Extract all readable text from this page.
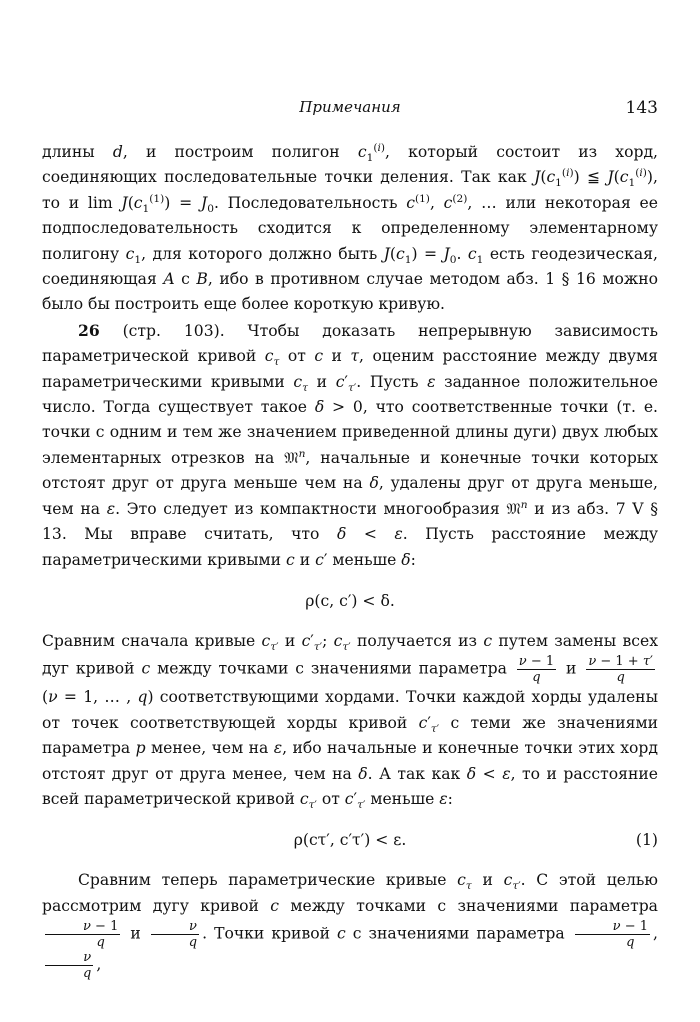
Примечания	143

длины d, и построим полигон $c_1^{(i)}$, который состоит из хорд, соединяющих последовательные точки деления. Так как $J(c_1^{(i)})$ ≦ $J(c_1^{(i)})$, то и $\lim J(c_1^{(1)}) = J_0$. Последовательность $c^{(1)}$, $c^{(2)}$, … или некоторая ее подпоследовательность сходится к определенному элементарному полигону $c_1$, для которого должно быть $J(c_1) = J_0$. $c_1$ есть геодезическая, соединяющая A с B, ибо в противном случае методом абз. 1 § 16 можно было бы построить еще более короткую кривую.

26 (стр. 103). Чтобы доказать непрерывную зависимость параметрической кривой $c_\tau$ от c и τ, оценим расстояние между двумя параметрическими кривыми $c_\tau$ и $c'_{\tau'}$. Пусть ε заданное положительное число. Тогда существует такое δ > 0, что соответственные точки (т. е. точки с одним и тем же значением приведенной длины дуги) двух любых элементарных отрезков на 𝔐$^n$, начальные и конечные точки которых отстоят друг от друга меньше чем на δ, удалены друг от друга меньше, чем на ε. Это следует из компактности многообразия 𝔐$^n$ и из абз. 7 V § 13. Мы вправе считать, что δ < ε. Пусть расстояние между параметрическими кривыми c и c′ меньше δ:

ρ(c, c′) < δ.

Сравним сначала кривые $c_{\tau'}$ и $c'_{\tau'}$; $c_{\tau'}$ получается из c путем замены всех дуг кривой c между точками с значениями параметра $\frac{\nu - 1}{q}$ и $\frac{\nu - 1 + \tau'}{q}$
(ν = 1, … , q) соответствующими хордами. Точки каждой хорды удалены от точек соответствующей хорды кривой $c'_{\tau'}$ с теми же значениями параметра p менее, чем на ε, ибо начальные и конечные точки этих хорд отстоят друг от друга менее, чем на δ. А так как δ < ε, то и расстояние всей параметрической кривой $c_{\tau'}$ от $c'_{\tau'}$ меньше ε:

ρ(cτ′, c′τ′) < ε.	(1)

Сравним теперь параметрические кривые $c_\tau$ и $c_{\tau'}$. С этой целью рассмотрим дугу кривой c между точками с значениями параметра
$\frac{\nu - 1}{q}$ и $\frac{\nu}{q}$ . Точки кривой c с значениями параметра $\frac{\nu - 1}{q}$ ,
$\frac{\nu}{q}$ ,
